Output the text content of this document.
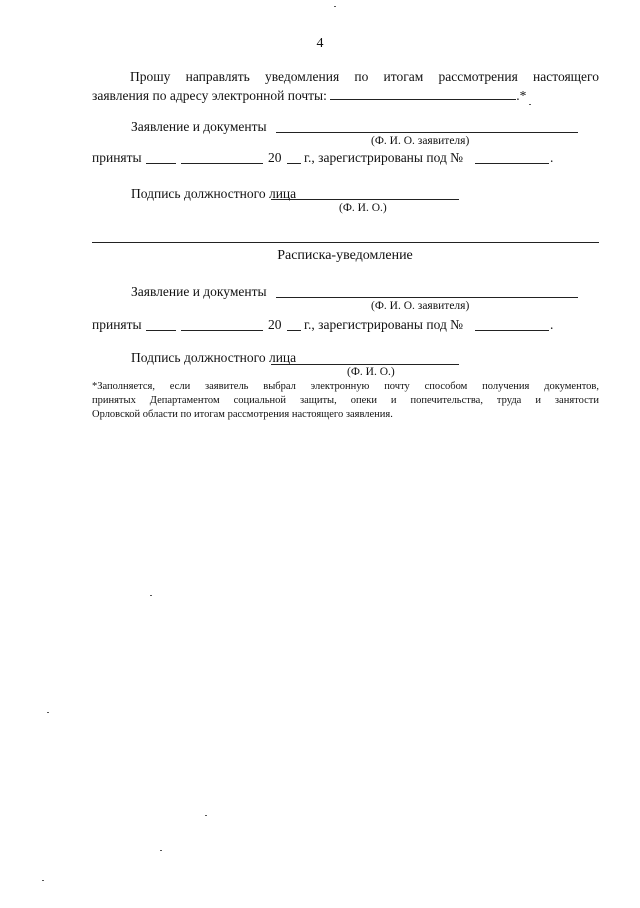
4
Прошу направлять уведомления по итогам рассмотрения настоящего
заявления по адресу электронной почты:	.*
Заявление и документы
(Ф. И. О. заявителя)
приняты	20 г., зарегистрированы под №	.
Подпись должностного лица
(Ф. И. О.)
Расписка-уведомление
Заявление и документы
(Ф. И. О. заявителя)
приняты	20 г., зарегистрированы под №	.
Подпись должностного лица
(Ф. И. О.)
*Заполняется, если заявитель выбрал электронную почту способом получения документов,
принятых Департаментом социальной защиты, опеки и попечительства, труда и занятости
Орловской области по итогам рассмотрения настоящего заявления.
